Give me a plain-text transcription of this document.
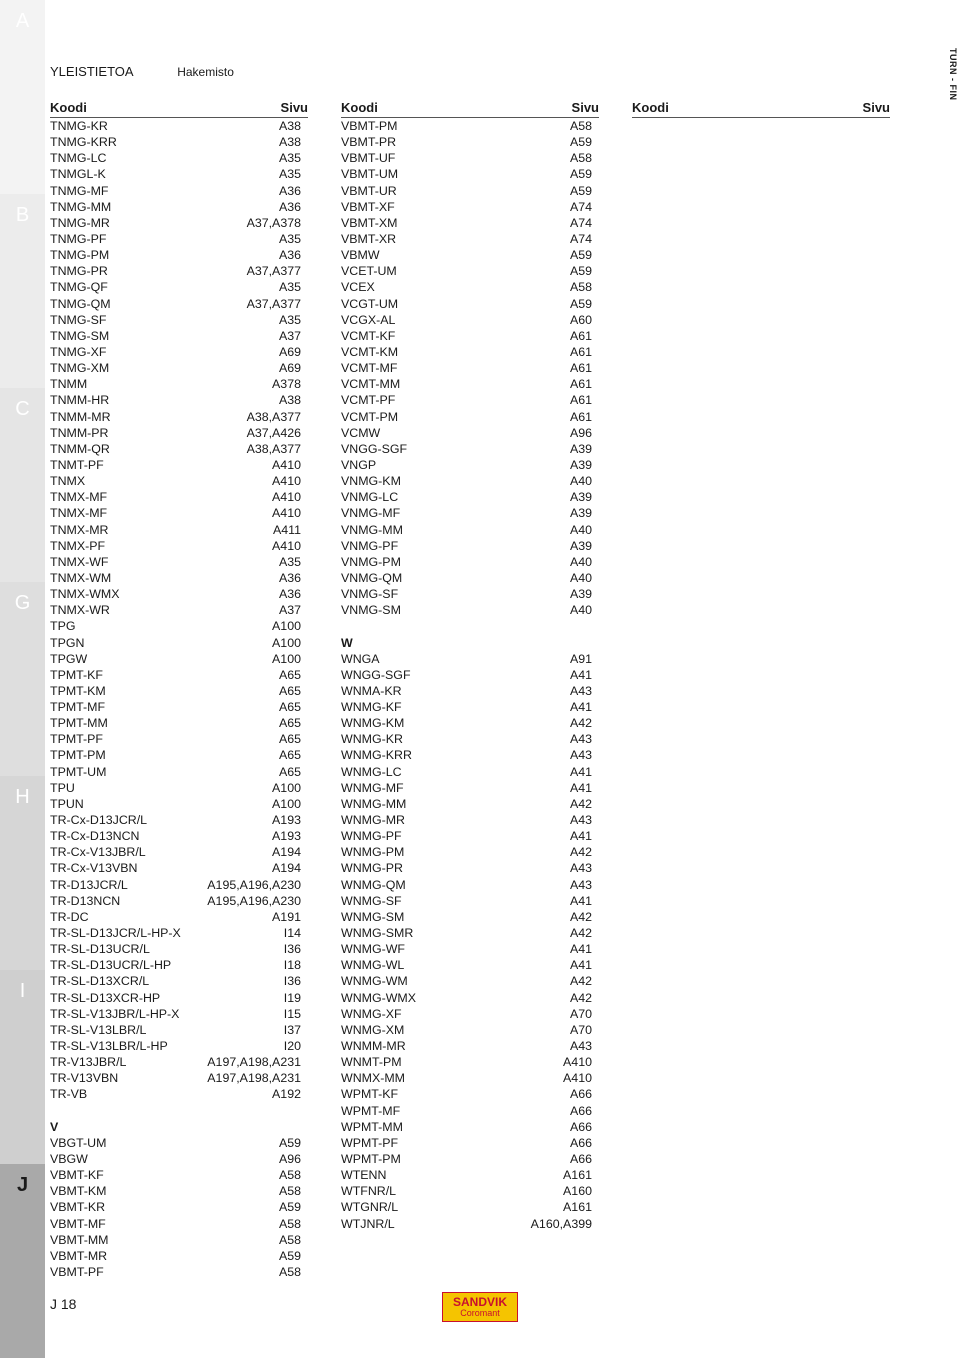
A
B
C
G
H
I
J
YLEISTIETOA	Hakemisto	TURN - FIN
Koodi	Sivu
TNMG-KR	A38
TNMG-KRR	A38
TNMG-LC	A35
TNMGL-K	A35
TNMG-MF	A36
TNMG-MM	A36
TNMG-MR	A37,A378
TNMG-PF	A35
TNMG-PM	A36
TNMG-PR	A37,A377
TNMG-QF	A35
TNMG-QM	A37,A377
TNMG-SF	A35
TNMG-SM	A37
TNMG-XF	A69
TNMG-XM	A69
TNMM	A378
TNMM-HR	A38
TNMM-MR	A38,A377
TNMM-PR	A37,A426
TNMM-QR	A38,A377
TNMT-PF	A410
TNMX	A410
TNMX-MF	A410
TNMX-MF	A410
TNMX-MR	A411
TNMX-PF	A410
TNMX-WF	A35
TNMX-WM	A36
TNMX-WMX	A36
TNMX-WR	A37
TPG	A100
TPGN	A100
TPGW	A100
TPMT-KF	A65
TPMT-KM	A65
TPMT-MF	A65
TPMT-MM	A65
TPMT-PF	A65
TPMT-PM	A65
TPMT-UM	A65
TPU	A100
TPUN	A100
TR-Cx-D13JCR/L	A193
TR-Cx-D13NCN	A193
TR-Cx-V13JBR/L	A194
TR-Cx-V13VBN	A194
TR-D13JCR/L	A195,A196,A230
TR-D13NCN	A195,A196,A230
TR-DC	A191
TR-SL-D13JCR/L-HP-X	I14
TR-SL-D13UCR/L	I36
TR-SL-D13UCR/L-HP	I18
TR-SL-D13XCR/L	I36
TR-SL-D13XCR-HP	I19
TR-SL-V13JBR/L-HP-X	I15
TR-SL-V13LBR/L	I37
TR-SL-V13LBR/L-HP	I20
TR-V13JBR/L	A197,A198,A231
TR-V13VBN	A197,A198,A231
TR-VB	A192
V
VBGT-UM	A59
VBGW	A96
VBMT-KF	A58
VBMT-KM	A58
VBMT-KR	A59
VBMT-MF	A58
VBMT-MM	A58
VBMT-MR	A59
VBMT-PF	A58
Koodi	Sivu
VBMT-PM	A58
VBMT-PR	A59
VBMT-UF	A58
VBMT-UM	A59
VBMT-UR	A59
VBMT-XF	A74
VBMT-XM	A74
VBMT-XR	A74
VBMW	A59
VCET-UM	A59
VCEX	A58
VCGT-UM	A59
VCGX-AL	A60
VCMT-KF	A61
VCMT-KM	A61
VCMT-MF	A61
VCMT-MM	A61
VCMT-PF	A61
VCMT-PM	A61
VCMW	A96
VNGG-SGF	A39
VNGP	A39
VNMG-KM	A40
VNMG-LC	A39
VNMG-MF	A39
VNMG-MM	A40
VNMG-PF	A39
VNMG-PM	A40
VNMG-QM	A40
VNMG-SF	A39
VNMG-SM	A40
W
WNGA	A91
WNGG-SGF	A41
WNMA-KR	A43
WNMG-KF	A41
WNMG-KM	A42
WNMG-KR	A43
WNMG-KRR	A43
WNMG-LC	A41
WNMG-MF	A41
WNMG-MM	A42
WNMG-MR	A43
WNMG-PF	A41
WNMG-PM	A42
WNMG-PR	A43
WNMG-QM	A43
WNMG-SF	A41
WNMG-SM	A42
WNMG-SMR	A42
WNMG-WF	A41
WNMG-WL	A41
WNMG-WM	A42
WNMG-WMX	A42
WNMG-XF	A70
WNMG-XM	A70
WNMM-MR	A43
WNMT-PM	A410
WNMX-MM	A410
WPMT-KF	A66
WPMT-MF	A66
WPMT-MM	A66
WPMT-PF	A66
WPMT-PM	A66
WTENN	A161
WTFNR/L	A160
WTGNR/L	A161
WTJNR/L	A160,A399
Koodi	Sivu
J 18	SANDVIK
Coromant
